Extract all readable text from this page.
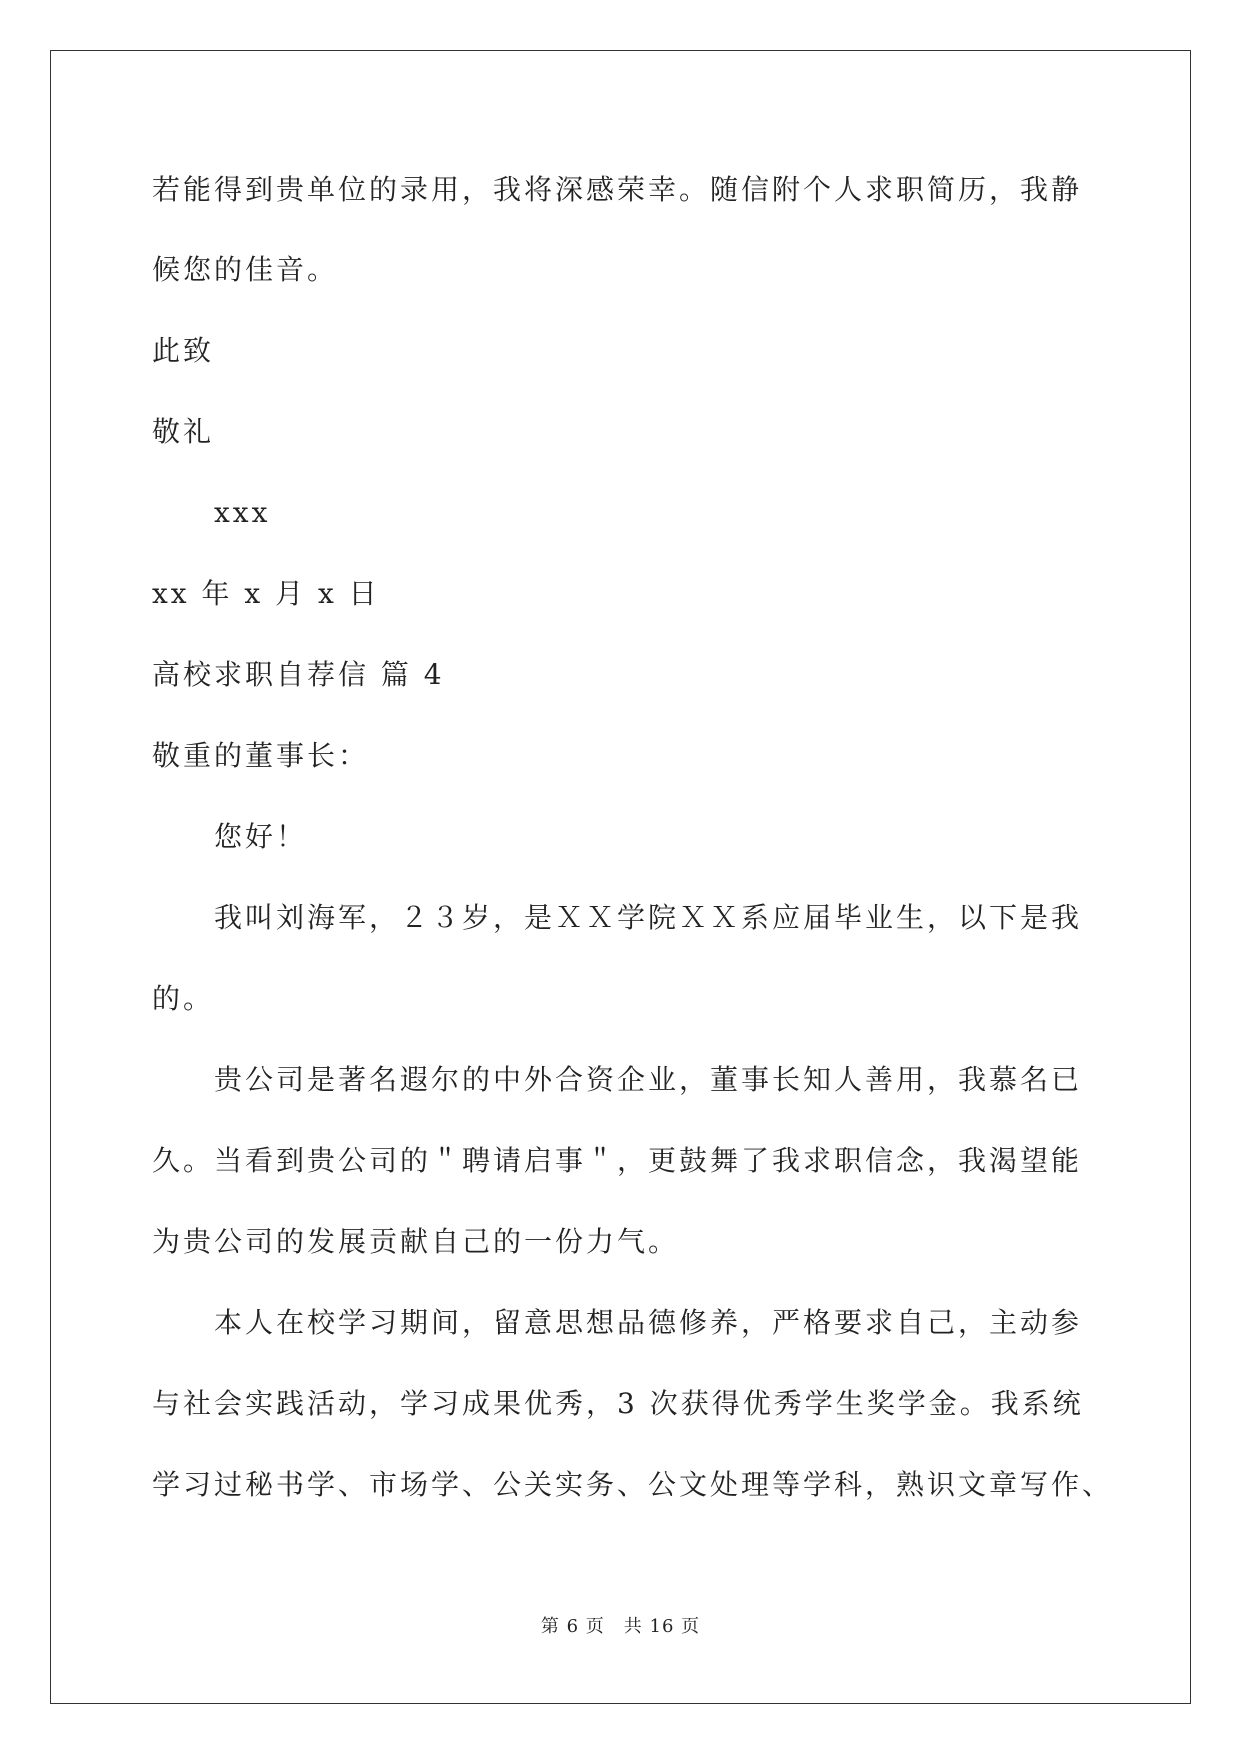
若能得到贵单位的录用，我将深感荣幸。随信附个人求职简历，我静
候您的佳音。
此致
敬礼
xxx
xx 年 x 月 x 日
高校求职自荐信 篇 4
敬重的董事长：
您好！
我叫刘海军，２３岁，是ＸＸ学院ＸＸ系应届毕业生，以下是我
的。
贵公司是著名遐尔的中外合资企业，董事长知人善用，我慕名已
久。当看到贵公司的＂聘请启事＂，更鼓舞了我求职信念，我渴望能
为贵公司的发展贡献自己的一份力气。
本人在校学习期间，留意思想品德修养，严格要求自己，主动参
与社会实践活动，学习成果优秀，3 次获得优秀学生奖学金。我系统
学习过秘书学、市场学、公关实务、公文处理等学科，熟识文章写作、
第 6 页　共 16 页
